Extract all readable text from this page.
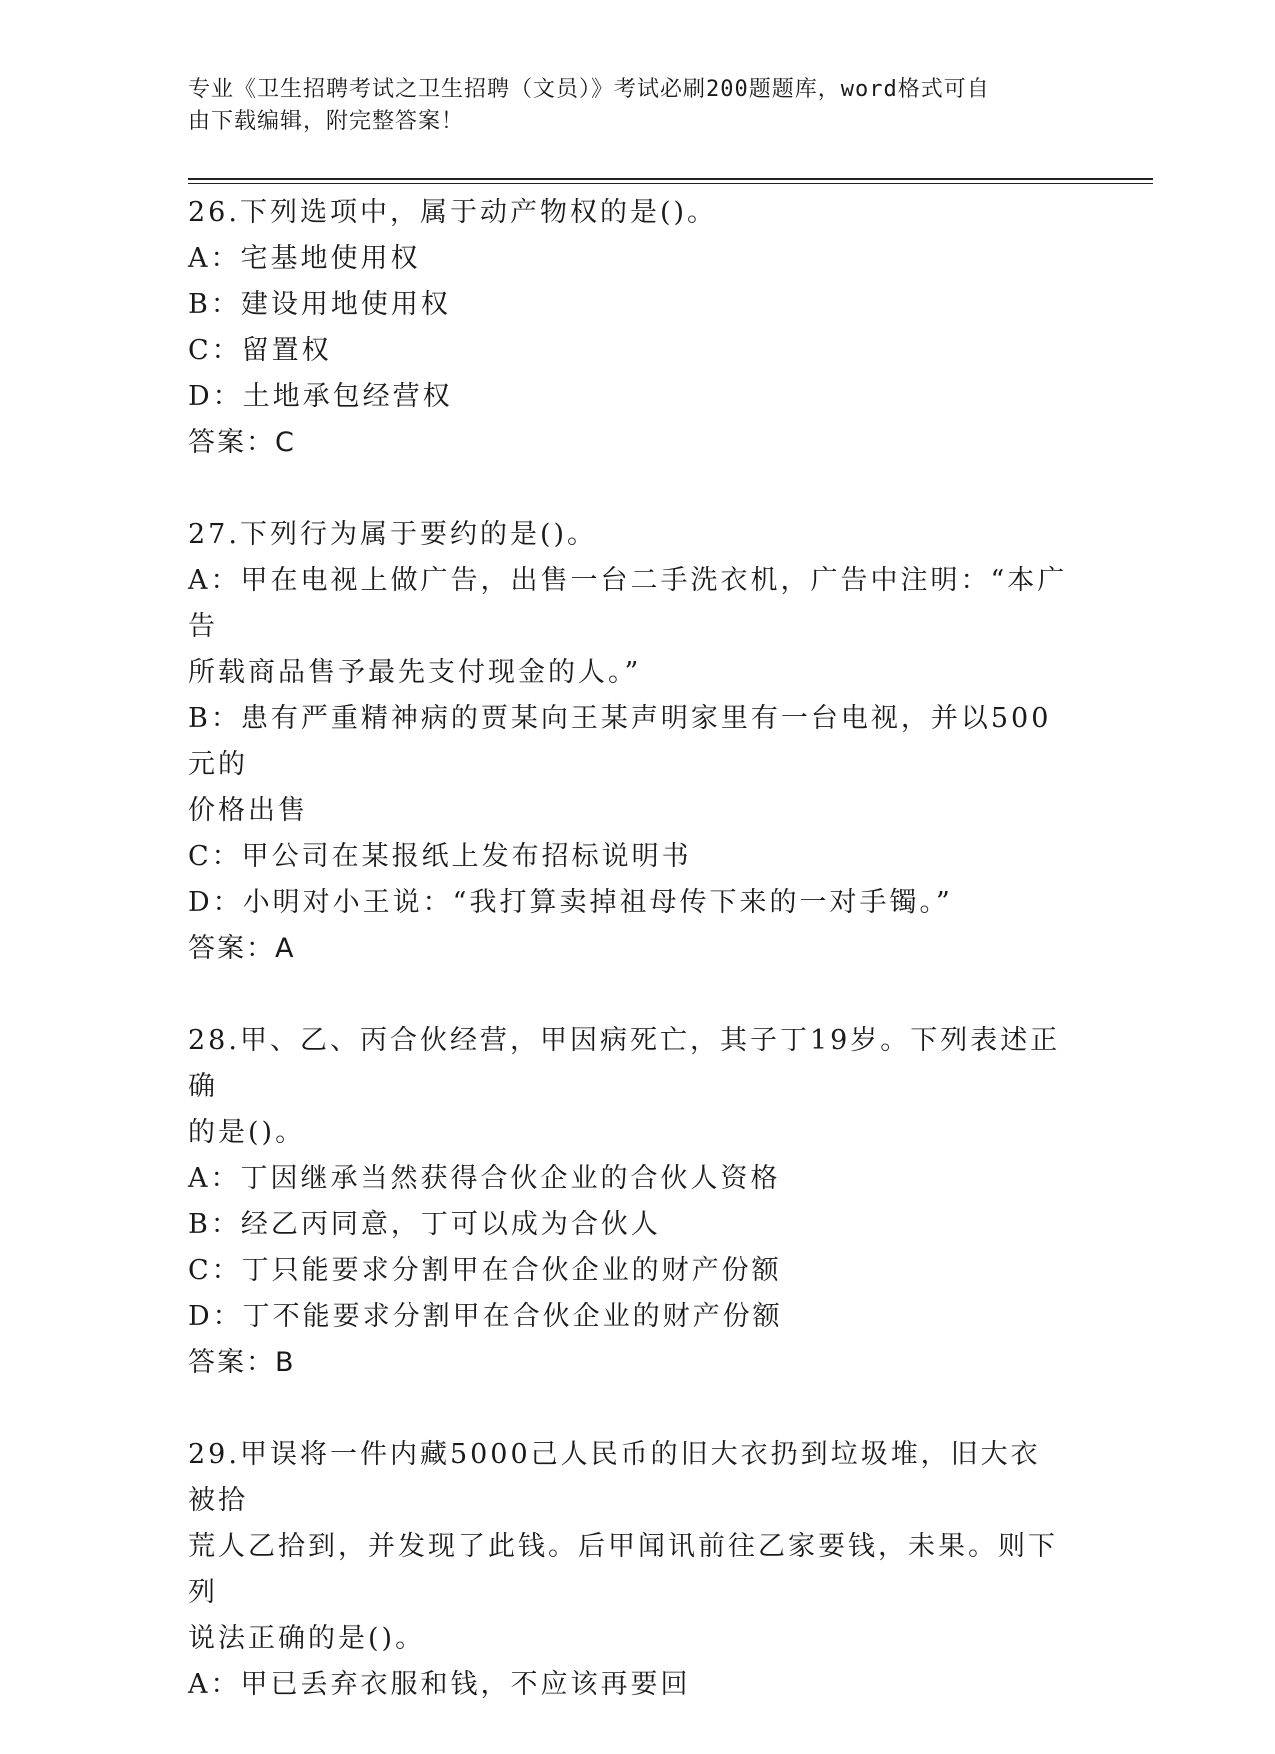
专业《卫生招聘考试之卫生招聘（文员）》考试必刷200题题库，word格式可自
由下载编辑，附完整答案！
26.下列选项中，属于动产物权的是()。
A：宅基地使用权
B：建设用地使用权
C：留置权
D：土地承包经营权
答案：C
27.下列行为属于要约的是()。
A：甲在电视上做广告，出售一台二手洗衣机，广告中注明：“本广告
所载商品售予最先支付现金的人。”
B：患有严重精神病的贾某向王某声明家里有一台电视，并以500元的
价格出售
C：甲公司在某报纸上发布招标说明书
D：小明对小王说：“我打算卖掉祖母传下来的一对手镯。”
答案：A
28.甲、乙、丙合伙经营，甲因病死亡，其子丁19岁。下列表述正确
的是()。
A：丁因继承当然获得合伙企业的合伙人资格
B：经乙丙同意，丁可以成为合伙人
C：丁只能要求分割甲在合伙企业的财产份额
D：丁不能要求分割甲在合伙企业的财产份额
答案：B
29.甲误将一件内藏5000己人民币的旧大衣扔到垃圾堆，旧大衣被拾
荒人乙拾到，并发现了此钱。后甲闻讯前往乙家要钱，未果。则下列
说法正确的是()。
A：甲已丢弃衣服和钱，不应该再要回
